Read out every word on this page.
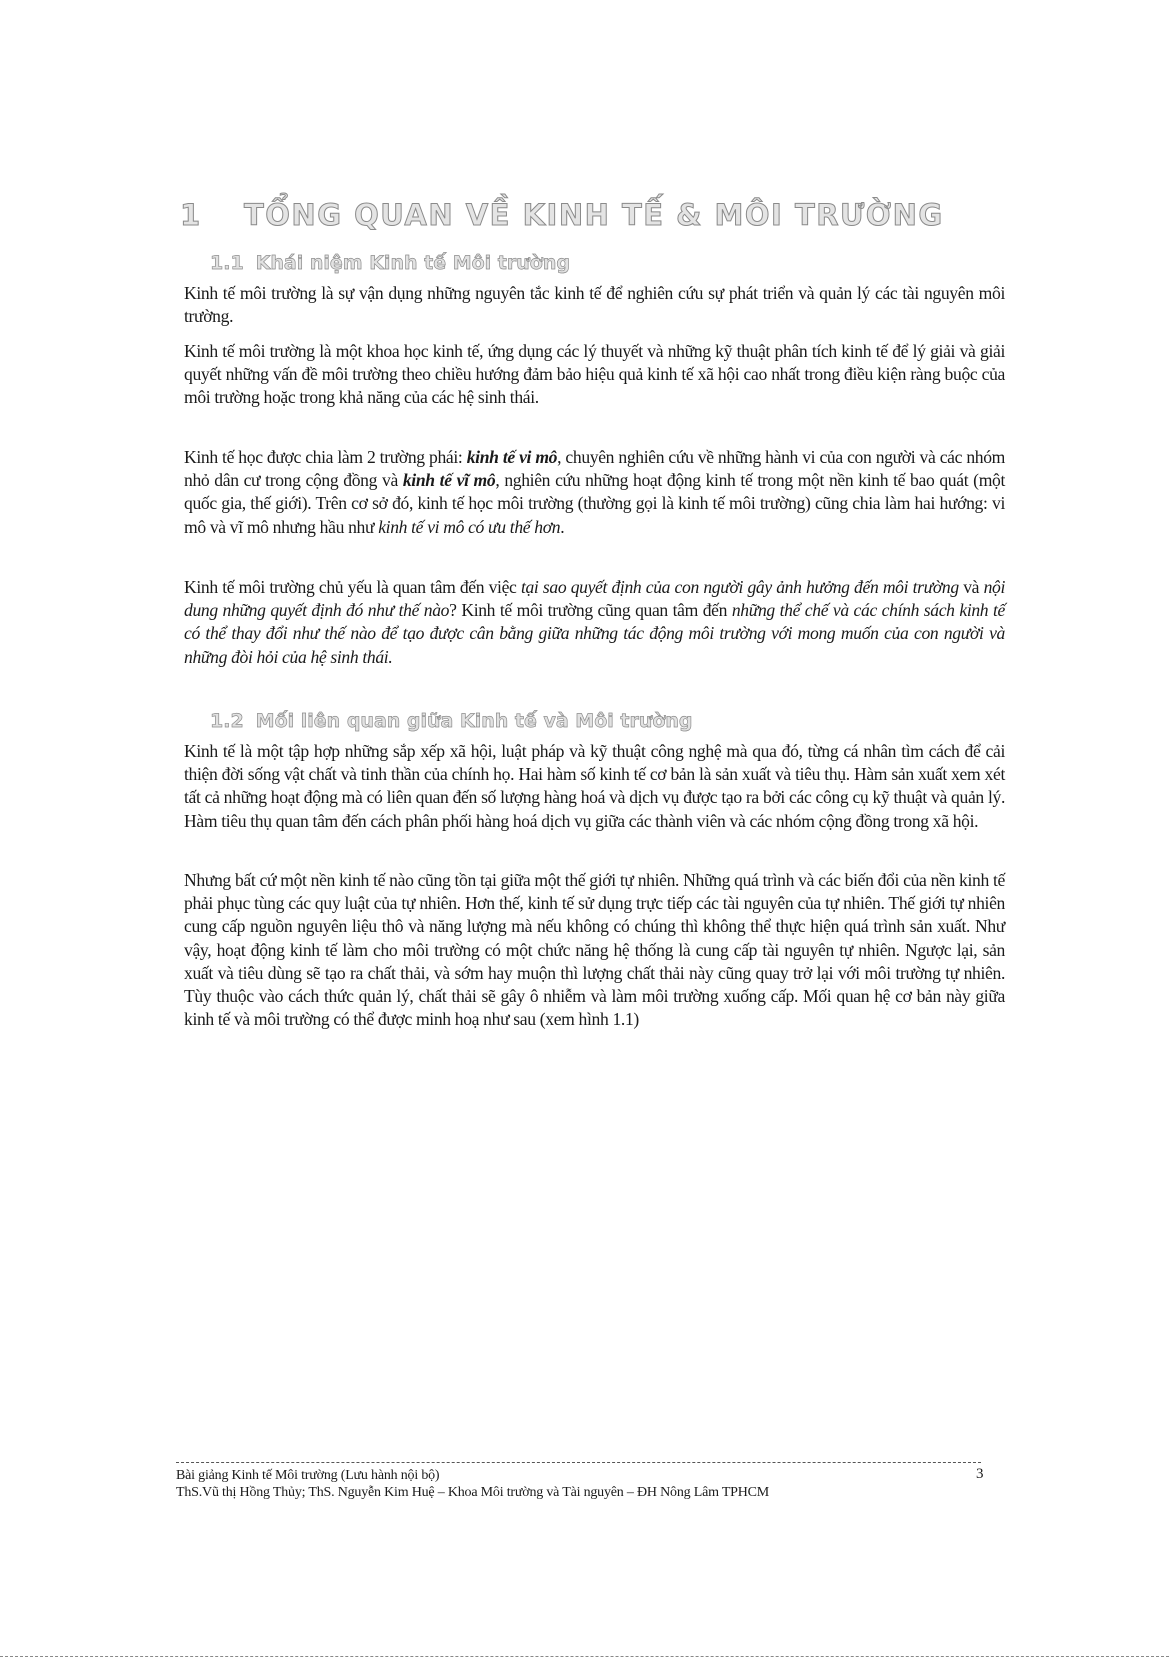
1 TỔNG QUAN VỀ KINH TẾ & MÔI TRƯỜNG
1.1 Khái niệm Kinh tế Môi trường

Kinh tế môi trường là sự vận dụng những nguyên tắc kinh tế để nghiên cứu sự phát triển và quản lý các tài nguyên môi trường.

Kinh tế môi trường là một khoa học kinh tế, ứng dụng các lý thuyết và những kỹ thuật phân tích kinh tế để lý giải và giải quyết những vấn đề môi trường theo chiều hướng đảm bảo hiệu quả kinh tế xã hội cao nhất trong điều kiện ràng buộc của môi trường hoặc trong khả năng của các hệ sinh thái.

Kinh tế học được chia làm 2 trường phái: kinh tế vi mô, chuyên nghiên cứu về những hành vi của con người và các nhóm nhỏ dân cư trong cộng đồng và kinh tế vĩ mô, nghiên cứu những hoạt động kinh tế trong một nền kinh tế bao quát (một quốc gia, thế giới). Trên cơ sở đó, kinh tế học môi trường (thường gọi là kinh tế môi trường) cũng chia làm hai hướng: vi mô và vĩ mô nhưng hầu như kinh tế vi mô có ưu thế hơn.

Kinh tế môi trường chủ yếu là quan tâm đến việc tại sao quyết định của con người gây ảnh hưởng đến môi trường và nội dung những quyết định đó như thế nào? Kinh tế môi trường cũng quan tâm đến những thể chế và các chính sách kinh tế có thể thay đổi như thế nào để tạo được cân bằng giữa những tác động môi trường với mong muốn của con người và những đòi hỏi của hệ sinh thái.

1.2 Mối liên quan giữa Kinh tế và Môi trường

Kinh tế là một tập hợp những sắp xếp xã hội, luật pháp và kỹ thuật công nghệ mà qua đó, từng cá nhân tìm cách để cải thiện đời sống vật chất và tinh thần của chính họ. Hai hàm số kinh tế cơ bản là sản xuất và tiêu thụ. Hàm sản xuất xem xét tất cả những hoạt động mà có liên quan đến số lượng hàng hoá và dịch vụ được tạo ra bởi các công cụ kỹ thuật và quản lý. Hàm tiêu thụ quan tâm đến cách phân phối hàng hoá dịch vụ giữa các thành viên và các nhóm cộng đồng trong xã hội.

Nhưng bất cứ một nền kinh tế nào cũng tồn tại giữa một thế giới tự nhiên. Những quá trình và các biến đổi của nền kinh tế phải phục tùng các quy luật của tự nhiên. Hơn thế, kinh tế sử dụng trực tiếp các tài nguyên của tự nhiên. Thế giới tự nhiên cung cấp nguồn nguyên liệu thô và năng lượng mà nếu không có chúng thì không thể thực hiện quá trình sản xuất. Như vậy, hoạt động kinh tế làm cho môi trường có một chức năng hệ thống là cung cấp tài nguyên tự nhiên. Ngược lại, sản xuất và tiêu dùng sẽ tạo ra chất thải, và sớm hay muộn thì lượng chất thải này cũng quay trở lại với môi trường tự nhiên. Tùy thuộc vào cách thức quản lý, chất thải sẽ gây ô nhiễm và làm môi trường xuống cấp. Mối quan hệ cơ bản này giữa kinh tế và môi trường có thể được minh hoạ như sau (xem hình 1.1)

Bài giảng Kinh tế Môi trường (Lưu hành nội bộ)
ThS.Vũ thị Hồng Thủy; ThS. Nguyễn Kim Huệ – Khoa Môi trường và Tài nguyên – ĐH Nông Lâm TPHCM
3
